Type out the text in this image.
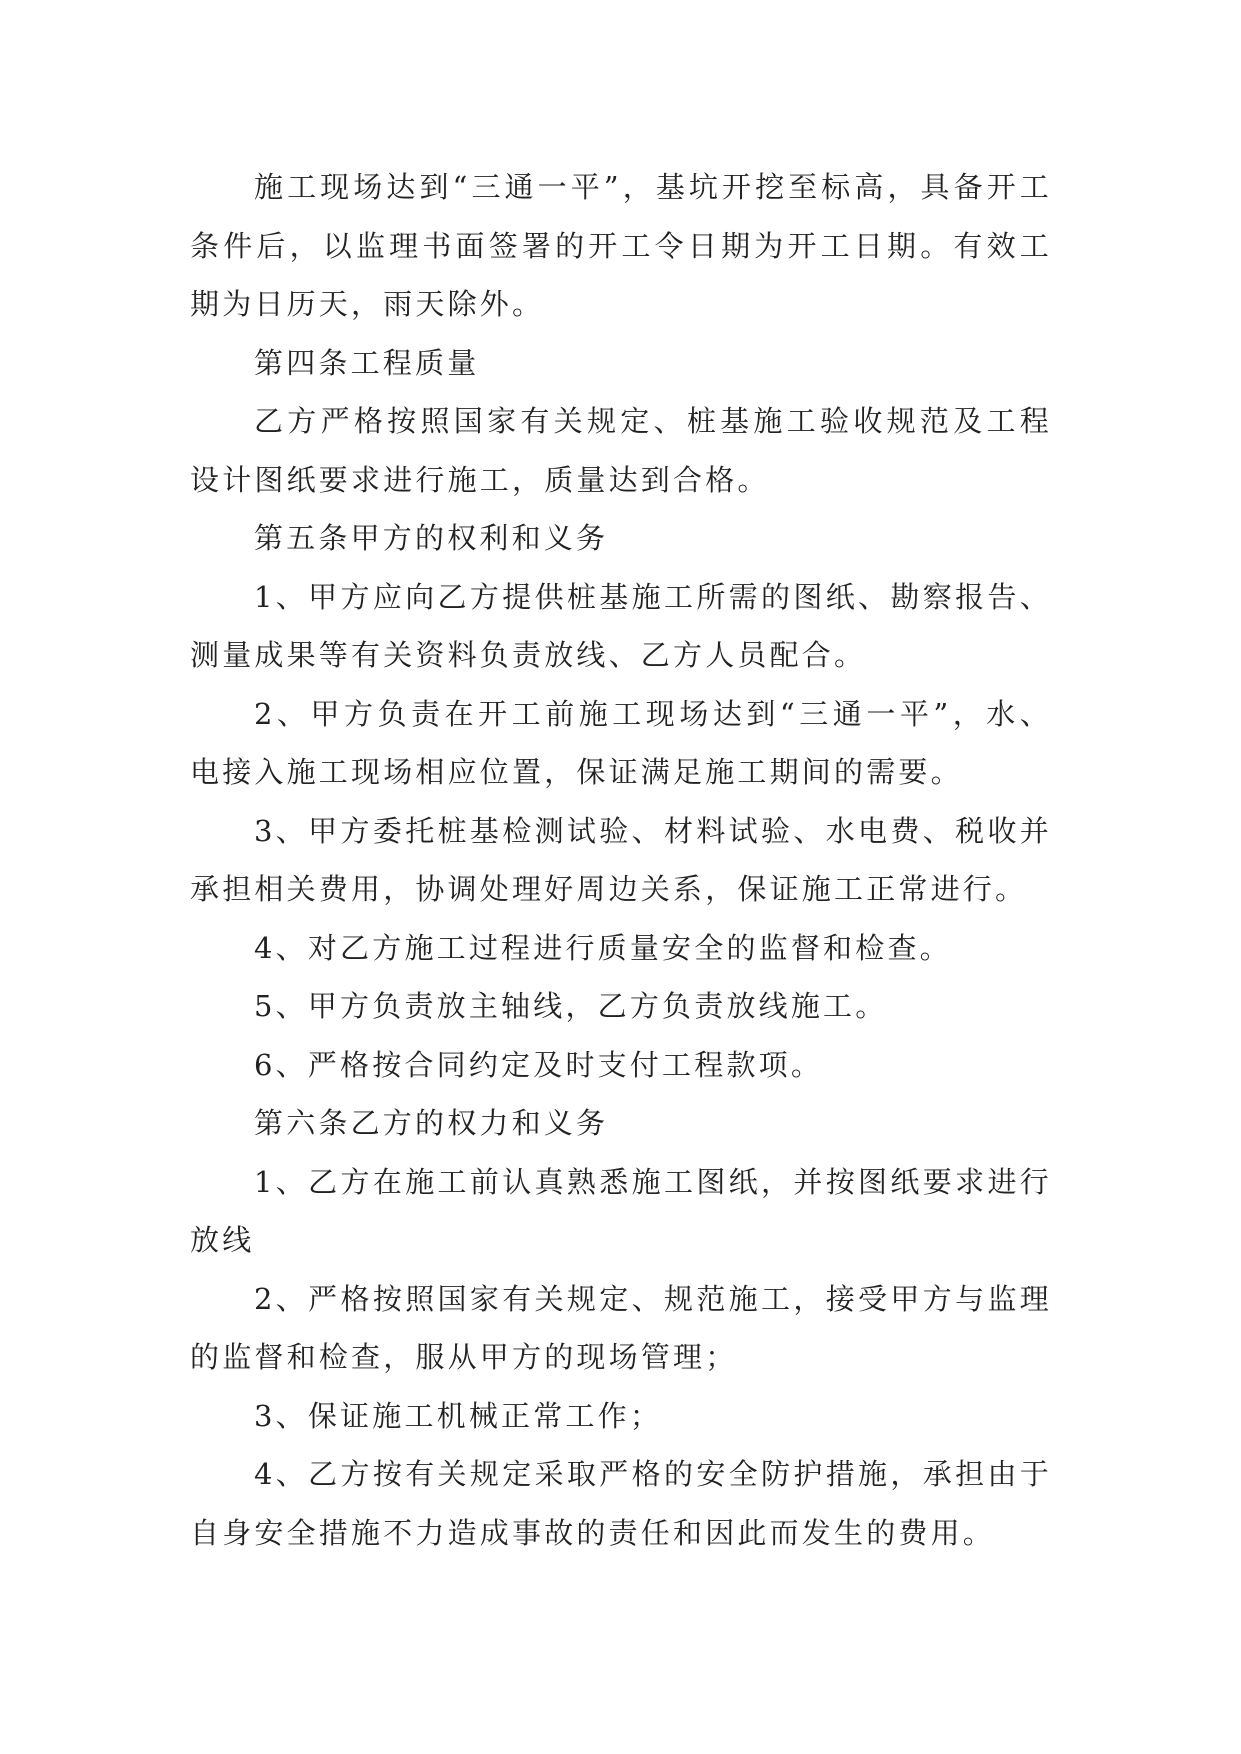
施工现场达到“三通一平”，基坑开挖至标高，具备开工条件后，以监理书面签署的开工令日期为开工日期。有效工期为日历天，雨天除外。

第四条工程质量

乙方严格按照国家有关规定、桩基施工验收规范及工程设计图纸要求进行施工，质量达到合格。

第五条甲方的权利和义务

1、甲方应向乙方提供桩基施工所需的图纸、勘察报告、测量成果等有关资料负责放线、乙方人员配合。

2、甲方负责在开工前施工现场达到“三通一平”，水、电接入施工现场相应位置，保证满足施工期间的需要。

3、甲方委托桩基检测试验、材料试验、水电费、税收并承担相关费用，协调处理好周边关系，保证施工正常进行。

4、对乙方施工过程进行质量安全的监督和检查。

5、甲方负责放主轴线，乙方负责放线施工。

6、严格按合同约定及时支付工程款项。

第六条乙方的权力和义务

1、乙方在施工前认真熟悉施工图纸，并按图纸要求进行放线

2、严格按照国家有关规定、规范施工，接受甲方与监理的监督和检查，服从甲方的现场管理；

3、保证施工机械正常工作；

4、乙方按有关规定采取严格的安全防护措施，承担由于自身安全措施不力造成事故的责任和因此而发生的费用。
